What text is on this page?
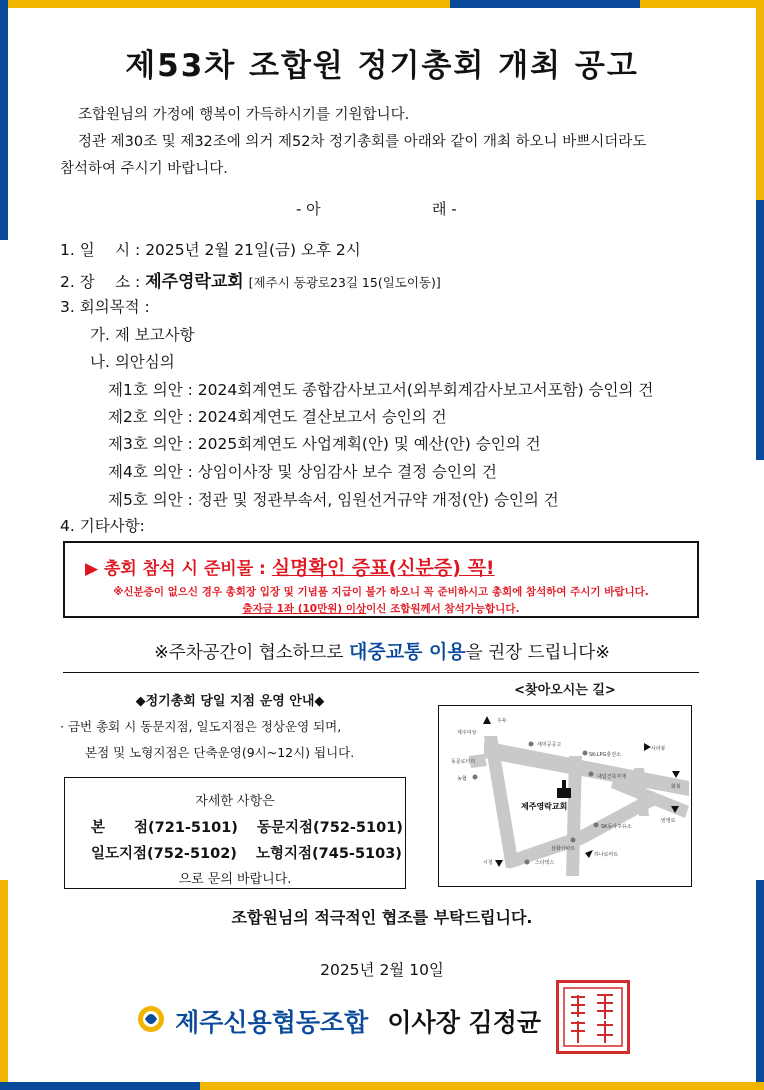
제53차 조합원 정기총회 개최 공고

조합원님의 가정에 행복이 가득하시기를 기원합니다.

정관 제30조 및 제32조에 의거 제52차 정기총회를 아래와 같이 개최 하오니 바쁘시더라도

참석하여 주시기 바랍니다.

- 아	래 -
1. 일　 시 : 2025년 2월 21일(금) 오후 2시
2. 장　 소 : 제주영락교회 [제주시 동광로23길 15(일도이동)]
3. 회의목적 :
가. 제 보고사항
나. 의안심의
제1호 의안 : 2024회계연도 종합감사보고서(외부회계감사보고서포함) 승인의 건
제2호 의안 : 2024회계연도 결산보고서 승인의 건
제3호 의안 : 2025회계연도 사업계획(안) 및 예산(안) 승인의 건
제4호 의안 : 상임이사장 및 상임감사 보수 결정 승인의 건
제5호 의안 : 정관 및 정관부속서, 임원선거규약 개정(안) 승인의 건
4. 기타사항:
▶ 총회 참석 시 준비물 : 실명확인 증표(신분증) 꼭!
※신분증이 없으신 경우 총회장 입장 및 기념품 지급이 불가 하오니 꼭 준비하시고 총회에 참석하여 주시기 바랍니다.
출자금 1좌 (10만원) 이상이신 조합원께서 참석가능합니다.
※주차공간이 협소하므로 대중교통 이용을 권장 드립니다※
◆정기총회 당일 지점 운영 안내◆
· 금번 총회 시 동문지점, 일도지점은 정상운영 되며,
본점 및 노형지점은 단축운영(9시~12시) 됩니다.
자세한 사항은
본　　점(721-5101) 동문지점(752-5101)
일도지점(752-5102) 노형지점(745-5103)
으로 문의 바랍니다.
<찾아오시는 길>
제주영락교회
우두
제주여상
세미공공고
SK-LPG충전소
사라봉
동문로터리
농협	대림건축자재
화북
SK동아주유소
번영로
삼화아파트
하나로마트
시청	스타벅스
조합원님의 적극적인 협조를 부탁드립니다.
2025년 2월 10일
제주신용협동조합 이사장 김정균
